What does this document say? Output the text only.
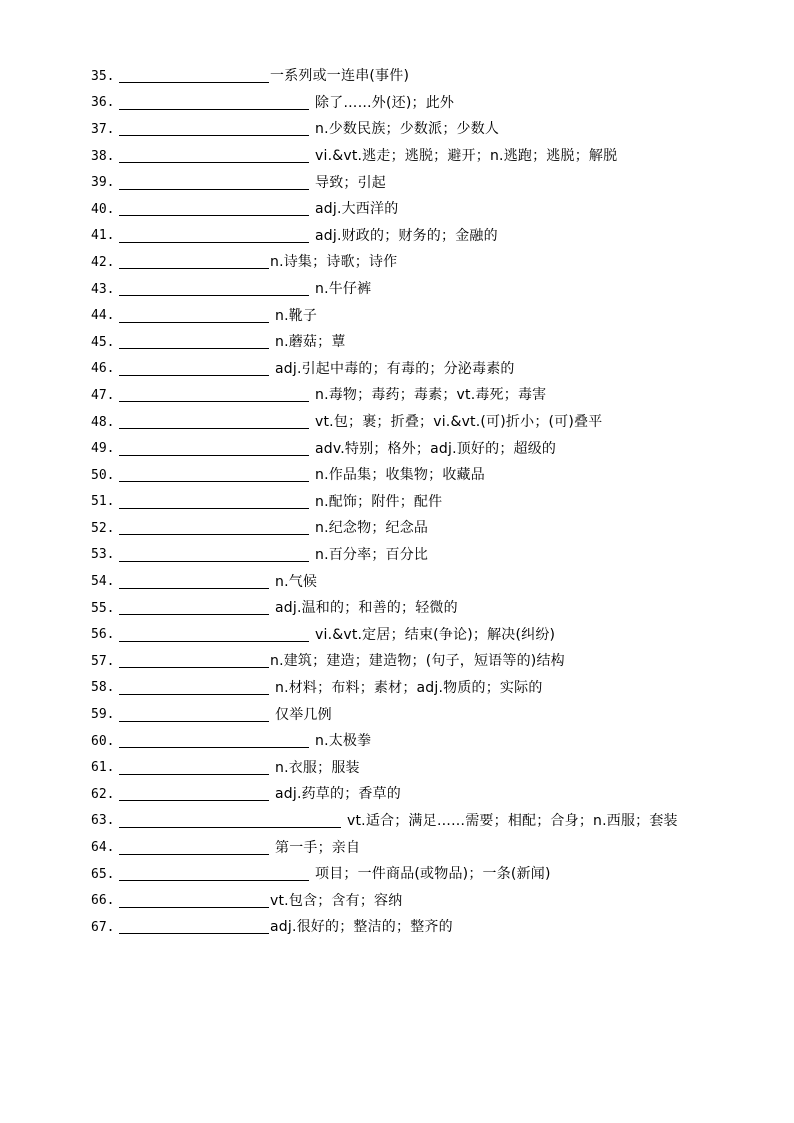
35.	一系列或一连串(事件)
36.	除了……外(还)；此外
37.	n.少数民族；少数派；少数人
38.	vi.&vt.逃走；逃脱；避开；n.逃跑；逃脱；解脱
39.	导致；引起
40.	adj.大西洋的
41.	adj.财政的；财务的；金融的
42.	n.诗集；诗歌；诗作
43.	n.牛仔裤
44.	n.靴子
45.	n.蘑菇；蕈
46.	adj.引起中毒的；有毒的；分泌毒素的
47.	n.毒物；毒药；毒素；vt.毒死；毒害
48.	vt.包；裹；折叠；vi.&vt.(可)折小；(可)叠平
49.	adv.特别；格外；adj.顶好的；超级的
50.	n.作品集；收集物；收藏品
51.	n.配饰；附件；配件
52.	n.纪念物；纪念品
53.	n.百分率；百分比
54.	n.气候
55.	adj.温和的；和善的；轻微的
56.	vi.&vt.定居；结束(争论)；解决(纠纷)
57.	n.建筑；建造；建造物；(句子，短语等的)结构
58.	n.材料；布料；素材；adj.物质的；实际的
59.	仅举几例
60.	n.太极拳
61.	n.衣服；服装
62.	adj.药草的；香草的
63.	vt.适合；满足……需要；相配；合身；n.西服；套装
64.	第一手；亲自
65.	项目；一件商品(或物品)；一条(新闻)
66.	vt.包含；含有；容纳
67.	adj.很好的；整洁的；整齐的
